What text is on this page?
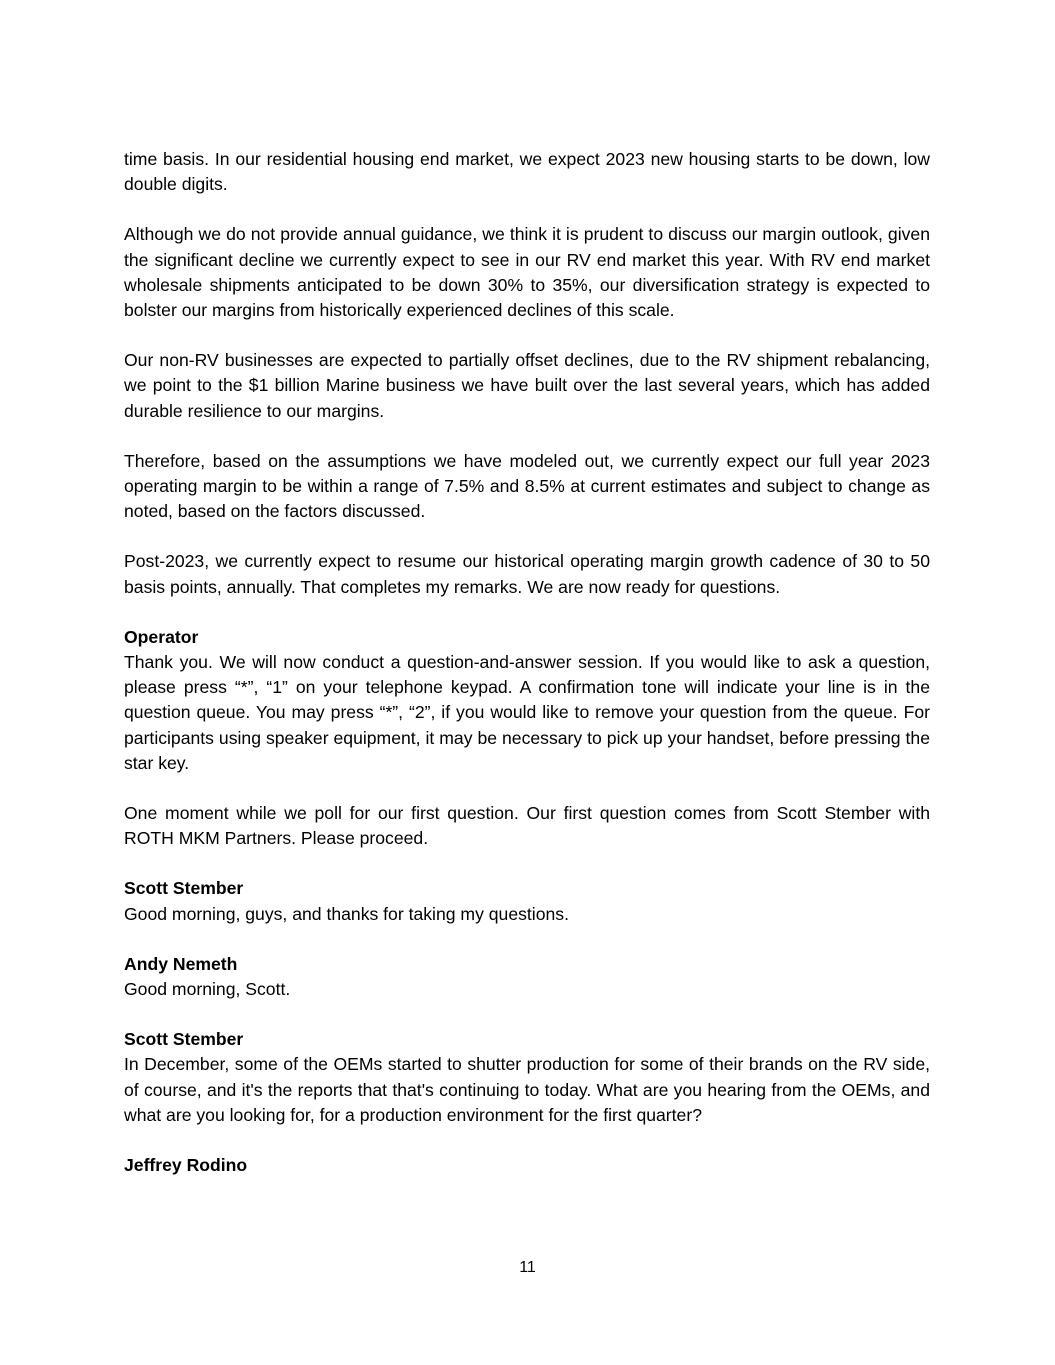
time basis. In our residential housing end market, we expect 2023 new housing starts to be down, low double digits.

Although we do not provide annual guidance, we think it is prudent to discuss our margin outlook, given the significant decline we currently expect to see in our RV end market this year. With RV end market wholesale shipments anticipated to be down 30% to 35%, our diversification strategy is expected to bolster our margins from historically experienced declines of this scale.

Our non-RV businesses are expected to partially offset declines, due to the RV shipment rebalancing, we point to the $1 billion Marine business we have built over the last several years, which has added durable resilience to our margins.

Therefore, based on the assumptions we have modeled out, we currently expect our full year 2023 operating margin to be within a range of 7.5% and 8.5% at current estimates and subject to change as noted, based on the factors discussed.

Post-2023, we currently expect to resume our historical operating margin growth cadence of 30 to 50 basis points, annually. That completes my remarks. We are now ready for questions.

Operator
Thank you. We will now conduct a question-and-answer session. If you would like to ask a question, please press “*”, “1” on your telephone keypad. A confirmation tone will indicate your line is in the question queue. You may press “*”, “2”, if you would like to remove your question from the queue. For participants using speaker equipment, it may be necessary to pick up your handset, before pressing the star key.

One moment while we poll for our first question. Our first question comes from Scott Stember with ROTH MKM Partners. Please proceed.

Scott Stember
Good morning, guys, and thanks for taking my questions.

Andy Nemeth
Good morning, Scott.

Scott Stember
In December, some of the OEMs started to shutter production for some of their brands on the RV side, of course, and it's the reports that that's continuing to today. What are you hearing from the OEMs, and what are you looking for, for a production environment for the first quarter?

Jeffrey Rodino

11
